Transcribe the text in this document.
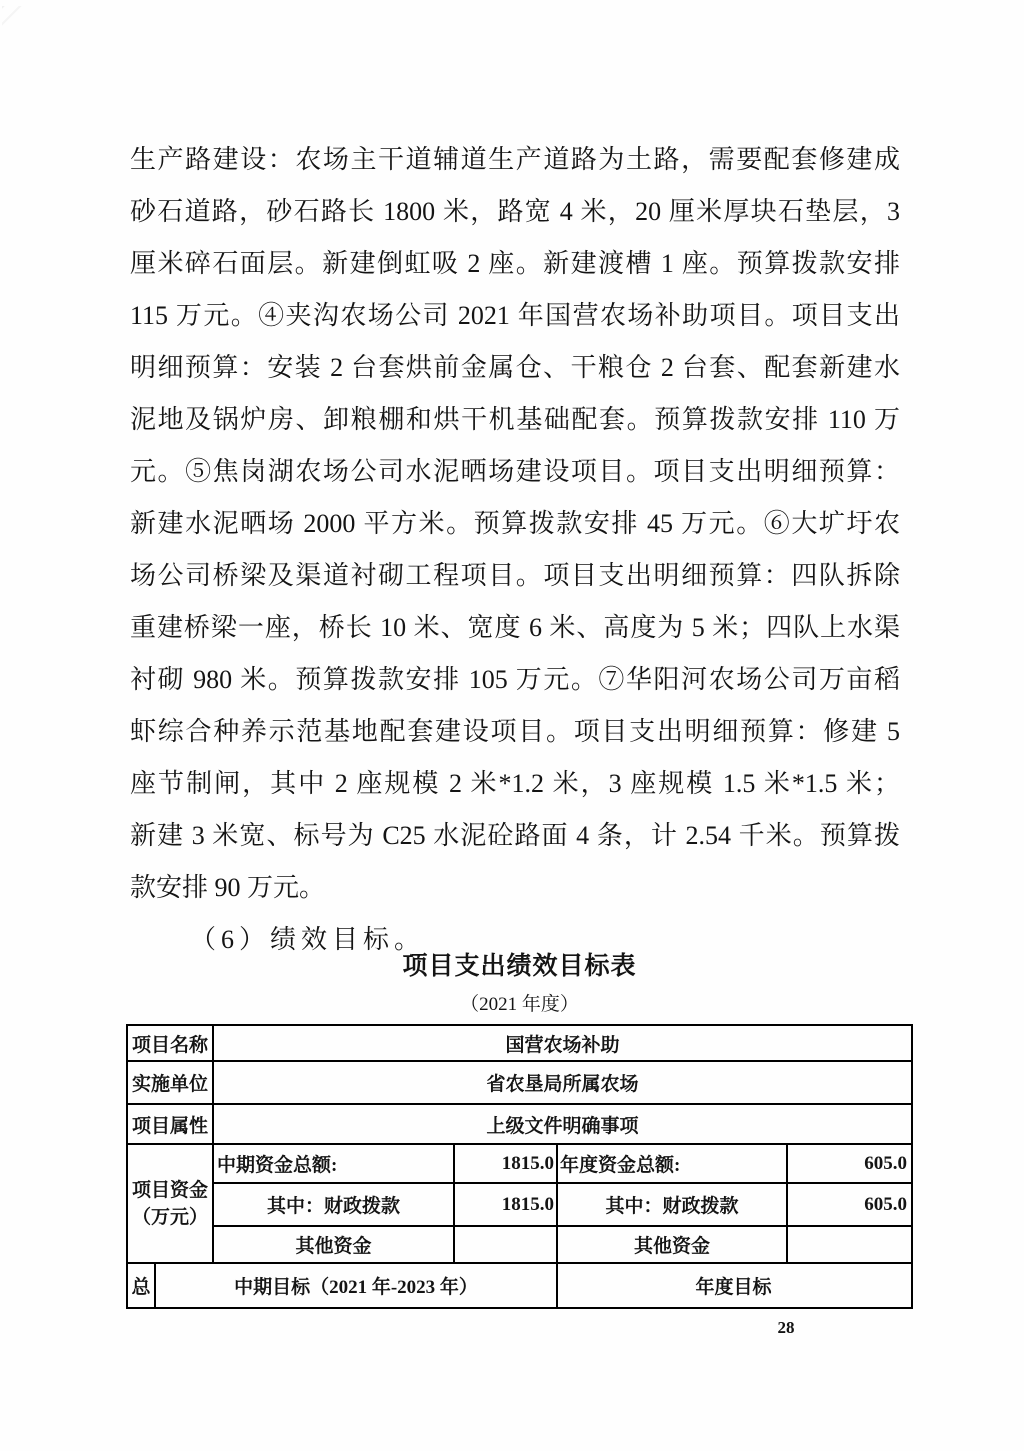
生产路建设：农场主干道辅道生产道路为土路，需要配套修建成
砂石道路，砂石路长 1800 米，路宽 4 米，20 厘米厚块石垫层，3
厘米碎石面层。新建倒虹吸 2 座。新建渡槽 1 座。预算拨款安排
115 万元。④夹沟农场公司 2021 年国营农场补助项目。项目支出
明细预算：安装 2 台套烘前金属仓、干粮仓 2 台套、配套新建水
泥地及锅炉房、卸粮棚和烘干机基础配套。预算拨款安排 110 万
元。⑤焦岗湖农场公司水泥晒场建设项目。项目支出明细预算：
新建水泥晒场 2000 平方米。预算拨款安排 45 万元。⑥大圹圩农
场公司桥梁及渠道衬砌工程项目。项目支出明细预算：四队拆除
重建桥梁一座，桥长 10 米、宽度 6 米、高度为 5 米；四队上水渠
衬砌 980 米。预算拨款安排 105 万元。⑦华阳河农场公司万亩稻
虾综合种养示范基地配套建设项目。项目支出明细预算：修建 5
座节制闸，其中 2 座规模 2 米*1.2 米，3 座规模 1.5 米*1.5 米；
新建 3 米宽、标号为 C25 水泥砼路面 4 条，计 2.54 千米。预算拨
款安排 90 万元。
（6）绩效目标。
项目支出绩效目标表
（2021 年度）
项目名称	国营农场补助
实施单位	省农垦局所属农场
项目属性	上级文件明确事项
项目资金
（万元）
中期资金总额:	1815.0 年度资金总额:	605.0
其中：财政拨款	1815.0	其中：财政拨款	605.0
其他资金	其他资金
总	中期目标（2021 年-2023 年）	年度目标
28
